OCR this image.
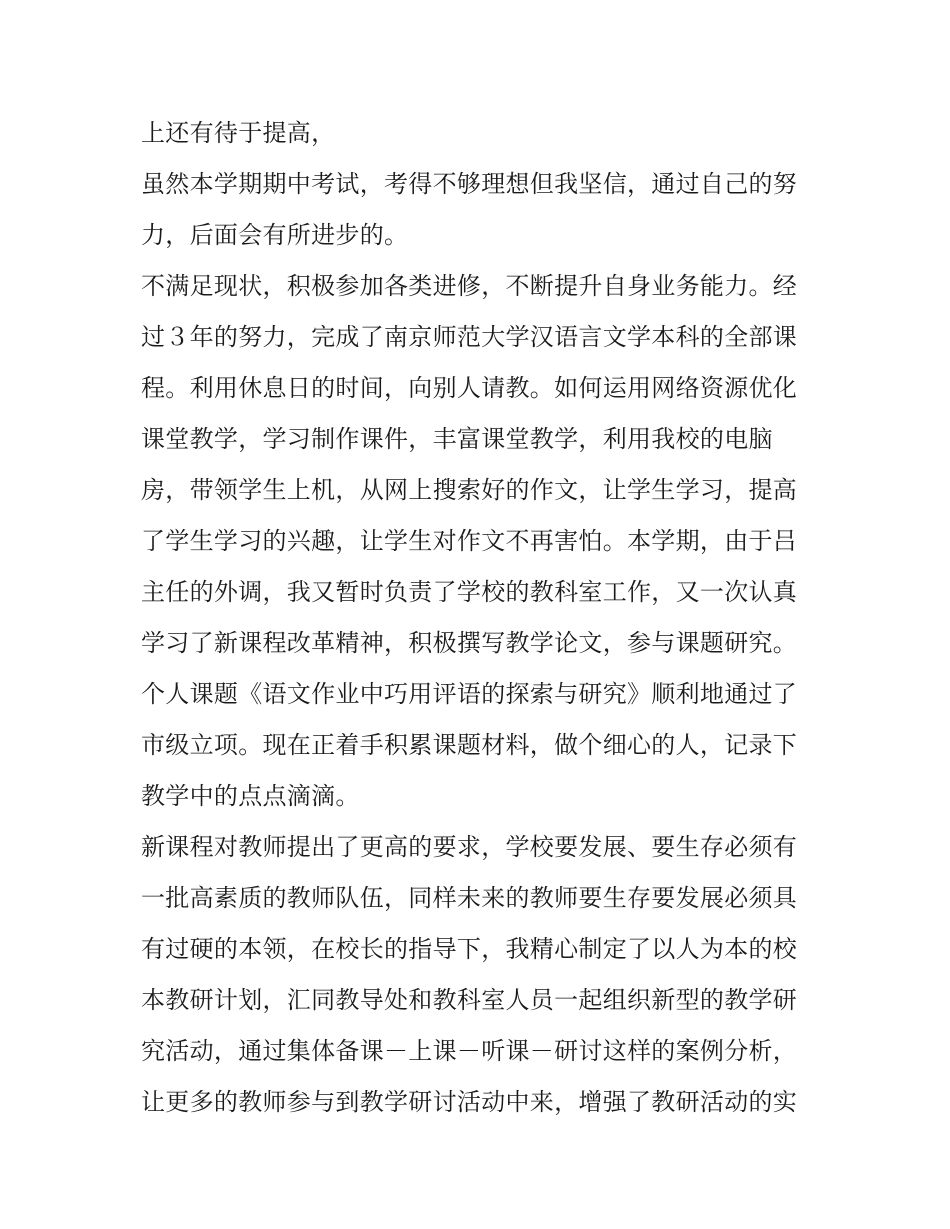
上还有待于提高，
虽然本学期期中考试，考得不够理想但我坚信，通过自己的努
力，后面会有所进步的。
不满足现状，积极参加各类进修，不断提升自身业务能力。经
过３年的努力，完成了南京师范大学汉语言文学本科的全部课
程。利用休息日的时间，向别人请教。如何运用网络资源优化
课堂教学，学习制作课件，丰富课堂教学，利用我校的电脑
房，带领学生上机，从网上搜索好的作文，让学生学习，提高
了学生学习的兴趣，让学生对作文不再害怕。本学期，由于吕
主任的外调，我又暂时负责了学校的教科室工作，又一次认真
学习了新课程改革精神，积极撰写教学论文，参与课题研究。
个人课题《语文作业中巧用评语的探索与研究》顺利地通过了
市级立项。现在正着手积累课题材料，做个细心的人，记录下
教学中的点点滴滴。
新课程对教师提出了更高的要求，学校要发展、要生存必须有
一批高素质的教师队伍，同样未来的教师要生存要发展必须具
有过硬的本领，在校长的指导下，我精心制定了以人为本的校
本教研计划，汇同教导处和教科室人员一起组织新型的教学研
究活动，通过集体备课－上课－听课－研讨这样的案例分析，
让更多的教师参与到教学研讨活动中来，增强了教研活动的实
